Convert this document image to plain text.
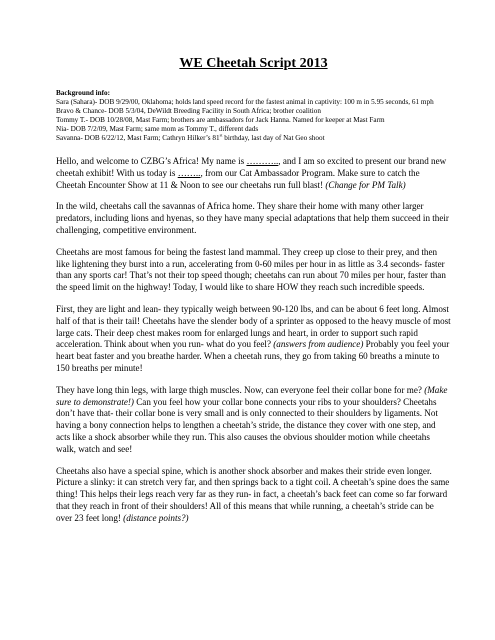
WE Cheetah Script 2013

Background info:

Sara (Sahara)- DOB 9/29/00, Oklahoma; holds land speed record for the fastest animal in captivity: 100 m in 5.95 seconds, 61 mph
Bravo & Chance- DOB 5/3/04, DeWildt Breeding Facility in South Africa; brother coalition
Tommy T.- DOB 10/28/08, Mast Farm; brothers are ambassadors for Jack Hanna. Named for keeper at Mast Farm
Nia- DOB 7/2/09, Mast Farm; same mom as Tommy T., different dads
Savanna- DOB 6/22/12, Mast Farm; Cathryn Hilker’s 81st birthday, last day of Nat Geo shoot

Hello, and welcome to CZBG’s Africa! My name is ……….., and I am so excited to present our brand new cheetah exhibit! With us today is …….., from our Cat Ambassador Program. Make sure to catch the Cheetah Encounter Show at 11 & Noon to see our cheetahs run full blast! (Change for PM Talk)

In the wild, cheetahs call the savannas of Africa home. They share their home with many other larger predators, including lions and hyenas, so they have many special adaptations that help them succeed in their challenging, competitive environment.

Cheetahs are most famous for being the fastest land mammal. They creep up close to their prey, and then like lightening they burst into a run, accelerating from 0-60 miles per hour in as little as 3.4 seconds- faster than any sports car! That’s not their top speed though; cheetahs can run about 70 miles per hour, faster than the speed limit on the highway! Today, I would like to share HOW they reach such incredible speeds.

First, they are light and lean- they typically weigh between 90-120 lbs, and can be about 6 feet long. Almost half of that is their tail! Cheetahs have the slender body of a sprinter as opposed to the heavy muscle of most large cats. Their deep chest makes room for enlarged lungs and heart, in order to support such rapid acceleration. Think about when you run- what do you feel? (answers from audience) Probably you feel your heart beat faster and you breathe harder. When a cheetah runs, they go from taking 60 breaths a minute to 150 breaths per minute!

They have long thin legs, with large thigh muscles. Now, can everyone feel their collar bone for me? (Make sure to demonstrate!) Can you feel how your collar bone connects your ribs to your shoulders? Cheetahs don’t have that- their collar bone is very small and is only connected to their shoulders by ligaments. Not having a bony connection helps to lengthen a cheetah’s stride, the distance they cover with one step, and acts like a shock absorber while they run. This also causes the obvious shoulder motion while cheetahs walk, watch and see!

Cheetahs also have a special spine, which is another shock absorber and makes their stride even longer. Picture a slinky: it can stretch very far, and then springs back to a tight coil. A cheetah’s spine does the same thing! This helps their legs reach very far as they run- in fact, a cheetah’s back feet can come so far forward that they reach in front of their shoulders! All of this means that while running, a cheetah’s stride can be over 23 feet long! (distance points?)
